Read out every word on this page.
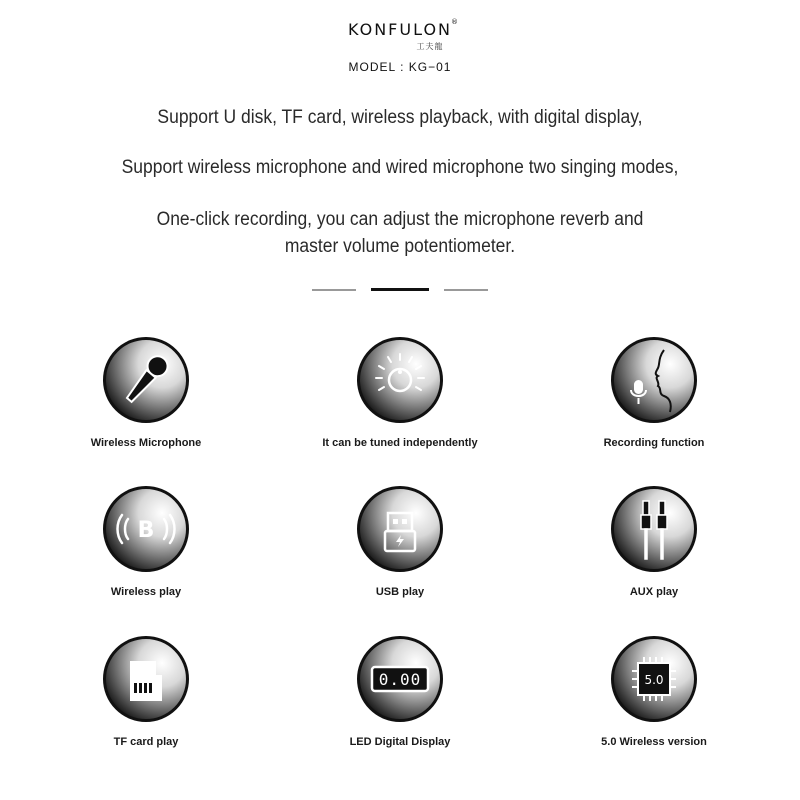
KONFULON ®
工夫龍
MODEL : KG−01
Support U disk, TF card, wireless playback, with digital display,
Support wireless microphone and wired microphone two singing modes,
One-click recording, you can adjust the microphone reverb and
master volume potentiometer.
Wireless Microphone	It can be tuned independently	Recording function
B
Wireless play	USB play	AUX play
TF card play
0.00
LED Digital Display
5.0
5.0 Wireless version
